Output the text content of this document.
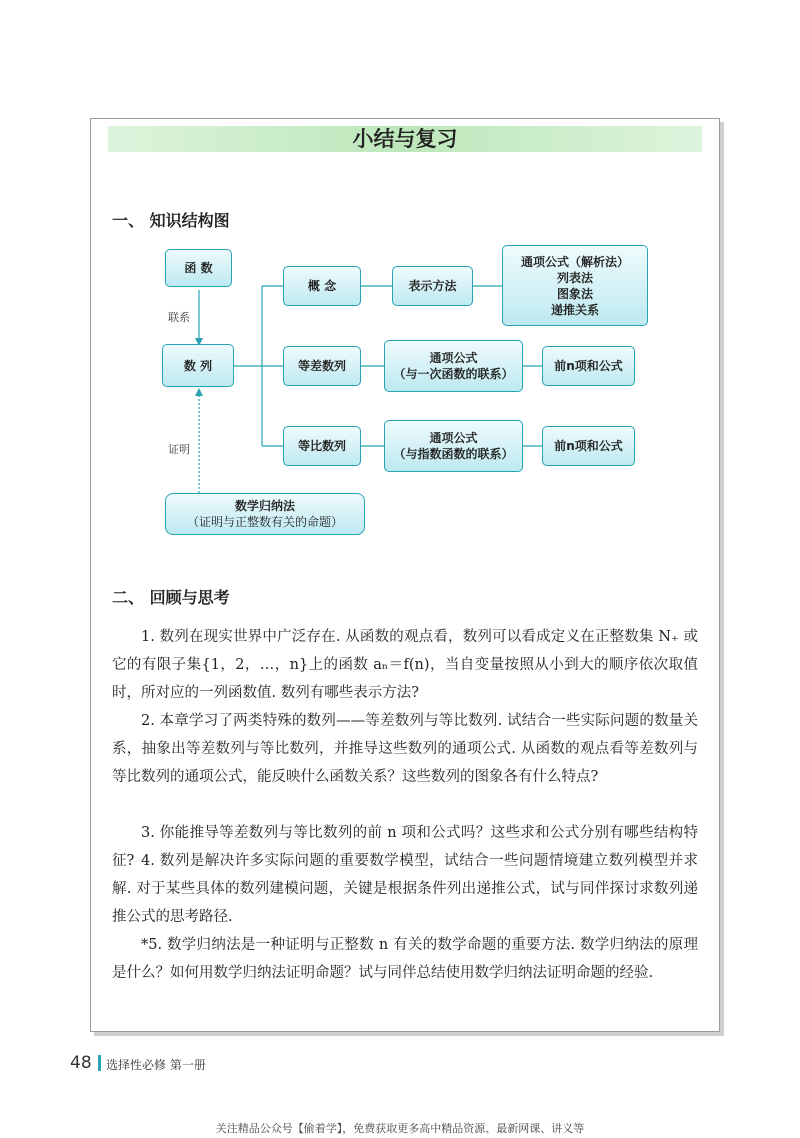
小结与复习
一、 知识结构图
函 数
数 列
概 念	表示方法
通项公式（解析法）
列表法
图象法
递推关系
等差数列
通项公式
（与一次函数的联系）
前n项和公式
等比数列
通项公式
（与指数函数的联系）
前n项和公式
数学归纳法
（证明与正整数有关的命题）
联系
证明
二、 回顾与思考
1. 数列在现实世界中广泛存在. 从函数的观点看，数列可以看成定义在正整数集 N₊ 或它的有限子集{1，2，…，n}上的函数 aₙ＝f(n)，当自变量按照从小到大的顺序依次取值时，所对应的一列函数值. 数列有哪些表示方法?
2. 本章学习了两类特殊的数列——等差数列与等比数列. 试结合一些实际问题的数量关系，抽象出等差数列与等比数列，并推导这些数列的通项公式. 从函数的观点看等差数列与等比数列的通项公式，能反映什么函数关系？这些数列的图象各有什么特点?
3. 你能推导等差数列与等比数列的前 n 项和公式吗？这些求和公式分别有哪些结构特征? 4. 数列是解决许多实际问题的重要数学模型，试结合一些问题情境建立数列模型并求解. 对于某些具体的数列建模问题，关键是根据条件列出递推公式，试与同伴探讨求数列递推公式的思考路径.
*5. 数学归纳法是一种证明与正整数 n 有关的数学命题的重要方法. 数学归纳法的原理是什么？如何用数学归纳法证明命题？试与同伴总结使用数学归纳法证明命题的经验.
48 选择性必修 第一册
关注精品公众号【偷着学】，免费获取更多高中精品资源、最新网课、讲义等
